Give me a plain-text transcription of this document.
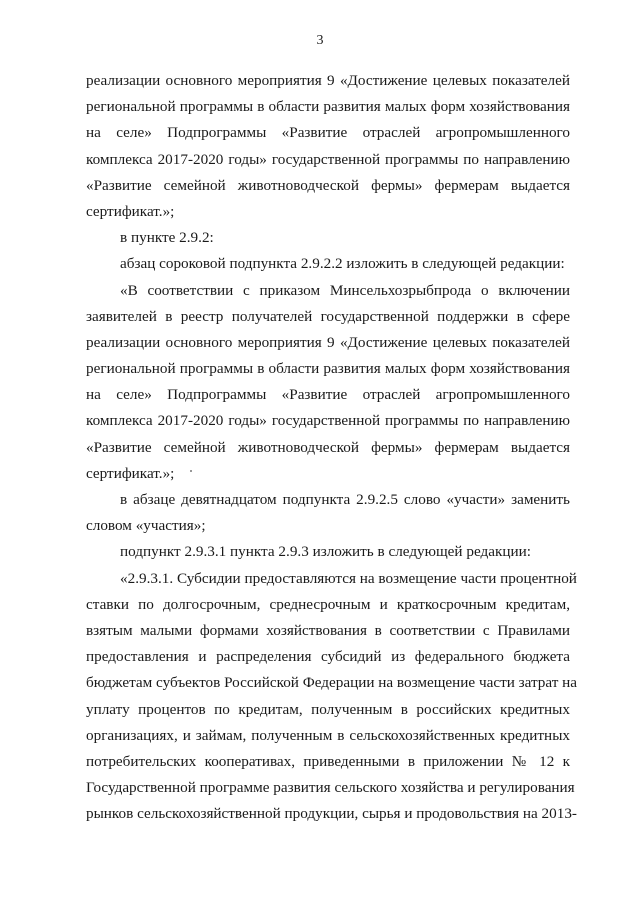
3
реализации основного мероприятия 9 «Достижение целевых показателей
региональной программы в области развития малых форм хозяйствования
на селе» Подпрограммы «Развитие отраслей агропромышленного
комплекса 2017-2020 годы» государственной программы по направлению
«Развитие семейной животноводческой фермы» фермерам выдается
сертификат.»;
в пункте 2.9.2:
абзац сороковой подпункта 2.9.2.2 изложить в следующей редакции:
«В соответствии с приказом Минсельхозрыбпрода о включении
заявителей в реестр получателей государственной поддержки в сфере
реализации основного мероприятия 9 «Достижение целевых показателей
региональной программы в области развития малых форм хозяйствования
на селе» Подпрограммы «Развитие отраслей агропромышленного
комплекса 2017-2020 годы» государственной программы по направлению
«Развитие семейной животноводческой фермы» фермерам выдается
сертификат.»;
в абзаце девятнадцатом подпункта 2.9.2.5 слово «участи» заменить
словом «участия»;
подпункт 2.9.3.1 пункта 2.9.3 изложить в следующей редакции:
«2.9.3.1. Субсидии предоставляются на возмещение части процентной
ставки по долгосрочным, среднесрочным и краткосрочным кредитам,
взятым малыми формами хозяйствования в соответствии с Правилами
предоставления и распределения субсидий из федерального бюджета
бюджетам субъектов Российской Федерации на возмещение части затрат на
уплату процентов по кредитам, полученным в российских кредитных
организациях, и займам, полученным в сельскохозяйственных кредитных
потребительских кооперативах, приведенными в приложении № 12 к
Государственной программе развития сельского хозяйства и регулирования
рынков сельскохозяйственной продукции, сырья и продовольствия на 2013-
